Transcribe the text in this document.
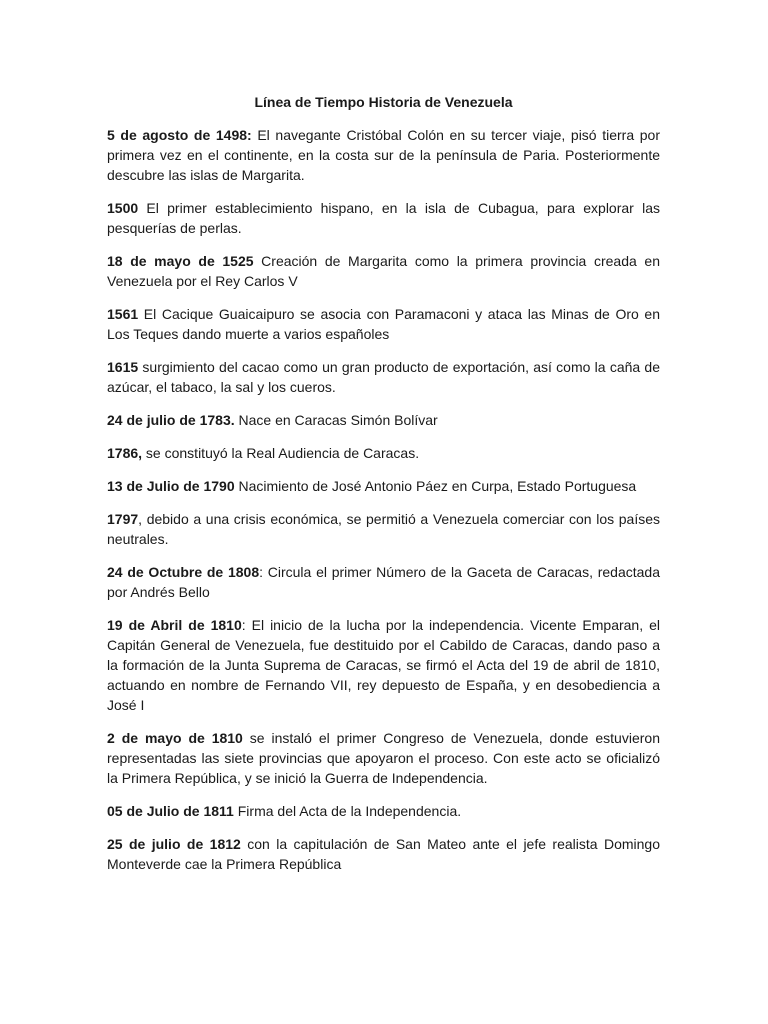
Línea de Tiempo Historia de Venezuela

5 de agosto de 1498: El navegante Cristóbal Colón en su tercer viaje, pisó tierra por primera vez en el continente, en la costa sur de la península de Paria. Posteriormente descubre las islas de Margarita.

1500 El primer establecimiento hispano, en la isla de Cubagua, para explorar las pesquerías de perlas.

18 de mayo de 1525 Creación de Margarita como la primera provincia creada en Venezuela por el Rey Carlos V

1561 El Cacique Guaicaipuro se asocia con Paramaconi y ataca las Minas de Oro en Los Teques dando muerte a varios españoles

1615 surgimiento del cacao como un gran producto de exportación, así como la caña de azúcar, el tabaco, la sal y los cueros.

24 de julio de 1783. Nace en Caracas Simón Bolívar

1786, se constituyó la Real Audiencia de Caracas.

13 de Julio de 1790 Nacimiento de José Antonio Páez en Curpa, Estado Portuguesa

1797, debido a una crisis económica, se permitió a Venezuela comerciar con los países neutrales.

24 de Octubre de 1808: Circula el primer Número de la Gaceta de Caracas, redactada por Andrés Bello

19 de Abril de 1810: El inicio de la lucha por la independencia. Vicente Emparan, el Capitán General de Venezuela, fue destituido por el Cabildo de Caracas, dando paso a la formación de la Junta Suprema de Caracas, se firmó el Acta del 19 de abril de 1810, actuando en nombre de Fernando VII, rey depuesto de España, y en desobediencia a José I

2 de mayo de 1810 se instaló el primer Congreso de Venezuela, donde estuvieron representadas las siete provincias que apoyaron el proceso. Con este acto se oficializó la Primera República, y se inició la Guerra de Independencia.

05 de Julio de 1811 Firma del Acta de la Independencia.

25 de julio de 1812 con la capitulación de San Mateo ante el jefe realista Domingo Monteverde cae la Primera República
